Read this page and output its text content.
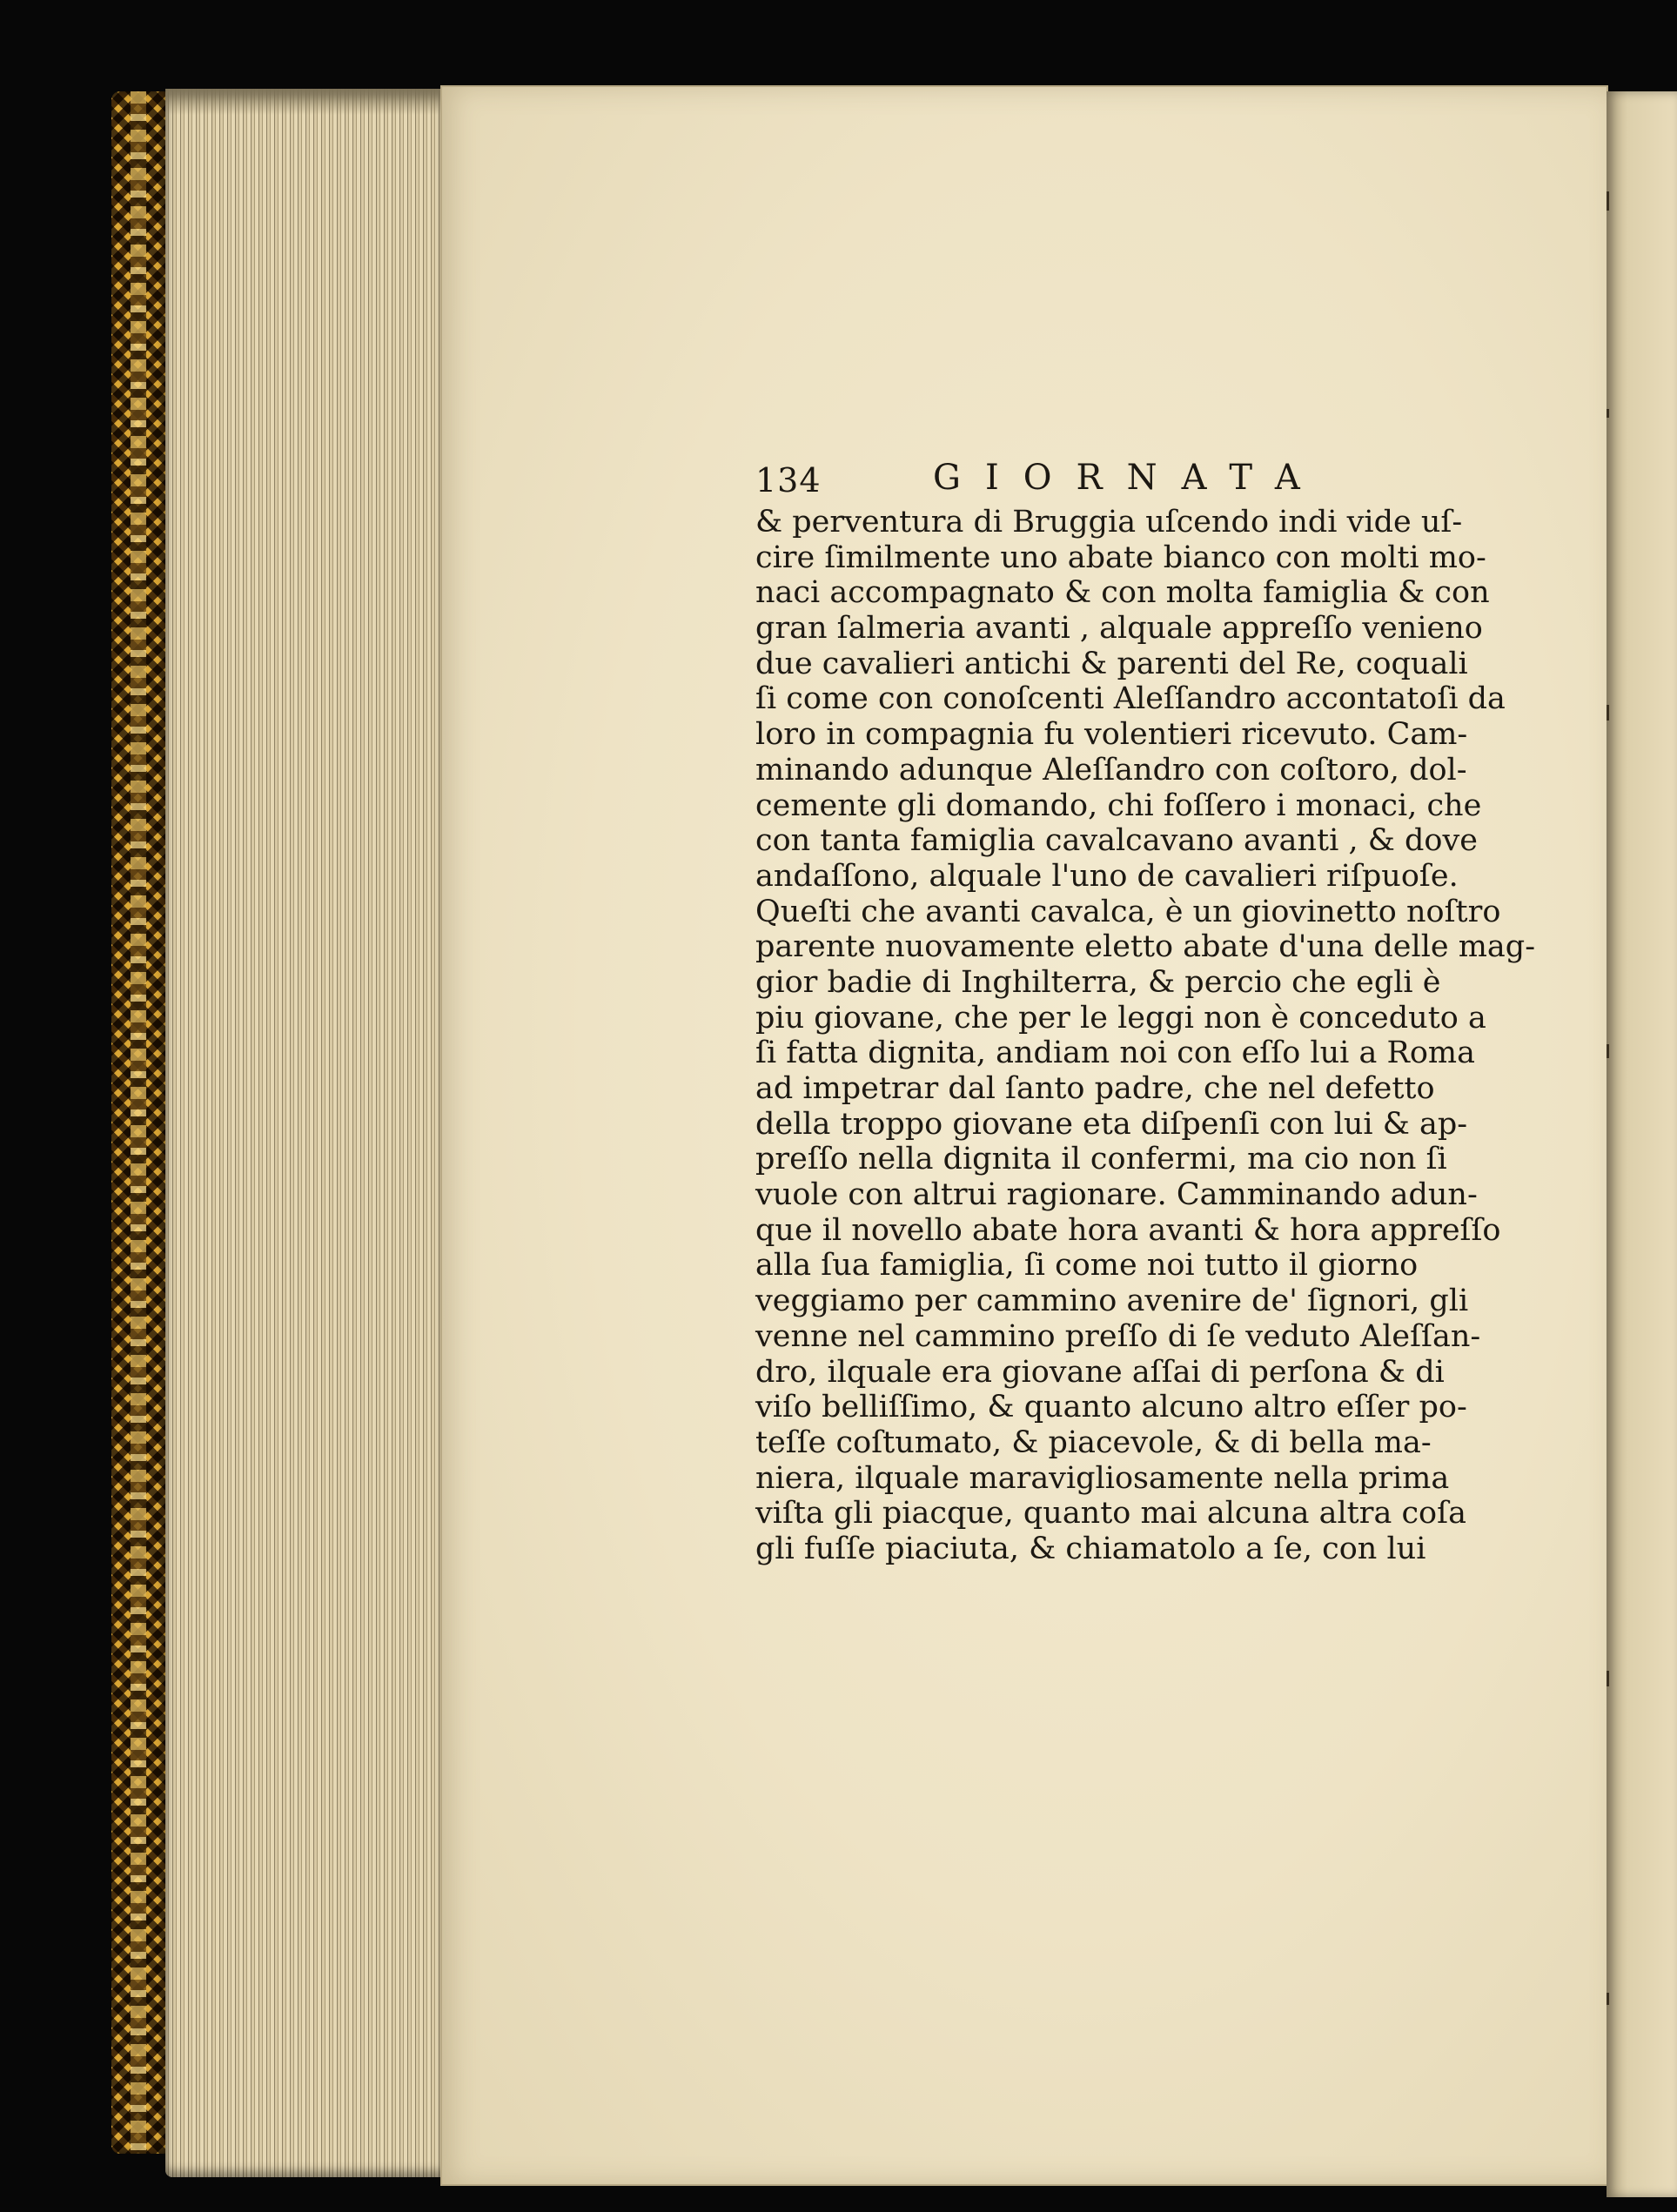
134	GIORNATA
& perventura di Bruggia uſcendo indi vide uſ-
cire ſimilmente uno abate bianco con molti mo-
naci accompagnato & con molta famiglia & con
gran ſalmeria avanti , alquale appreſſo venieno
due cavalieri antichi & parenti del Re, coquali
ſi come con conoſcenti Aleſſandro accontatoſi da
loro in compagnia fu volentieri ricevuto. Cam-
minando adunque Aleſſandro con coſtoro, dol-
cemente gli domando, chi foſſero i monaci, che
con tanta famiglia cavalcavano avanti , & dove
andaſſono, alquale l'uno de cavalieri riſpuoſe.
Queſti che avanti cavalca, è un giovinetto noſtro
parente nuovamente eletto abate d'una delle mag-
gior badie di Inghilterra, & percio che egli è
piu giovane, che per le leggi non è conceduto a
ſi fatta dignita, andiam noi con eſſo lui a Roma
ad impetrar dal ſanto padre, che nel defetto
della troppo giovane eta diſpenſi con lui & ap-
preſſo nella dignita il confermi, ma cio non ſi
vuole con altrui ragionare. Camminando adun-
que il novello abate hora avanti & hora appreſſo
alla ſua famiglia, ſi come noi tutto il giorno
veggiamo per cammino avenire de' ſignori, gli
venne nel cammino preſſo di ſe veduto Aleſſan-
dro, ilquale era giovane aſſai di perſona & di
viſo belliſſimo, & quanto alcuno altro eſſer po-
teſſe coſtumato, & piacevole, & di bella ma-
niera, ilquale maravigliosamente nella prima
viſta gli piacque, quanto mai alcuna altra coſa
gli fuſſe piaciuta, & chiamatolo a ſe, con lui
